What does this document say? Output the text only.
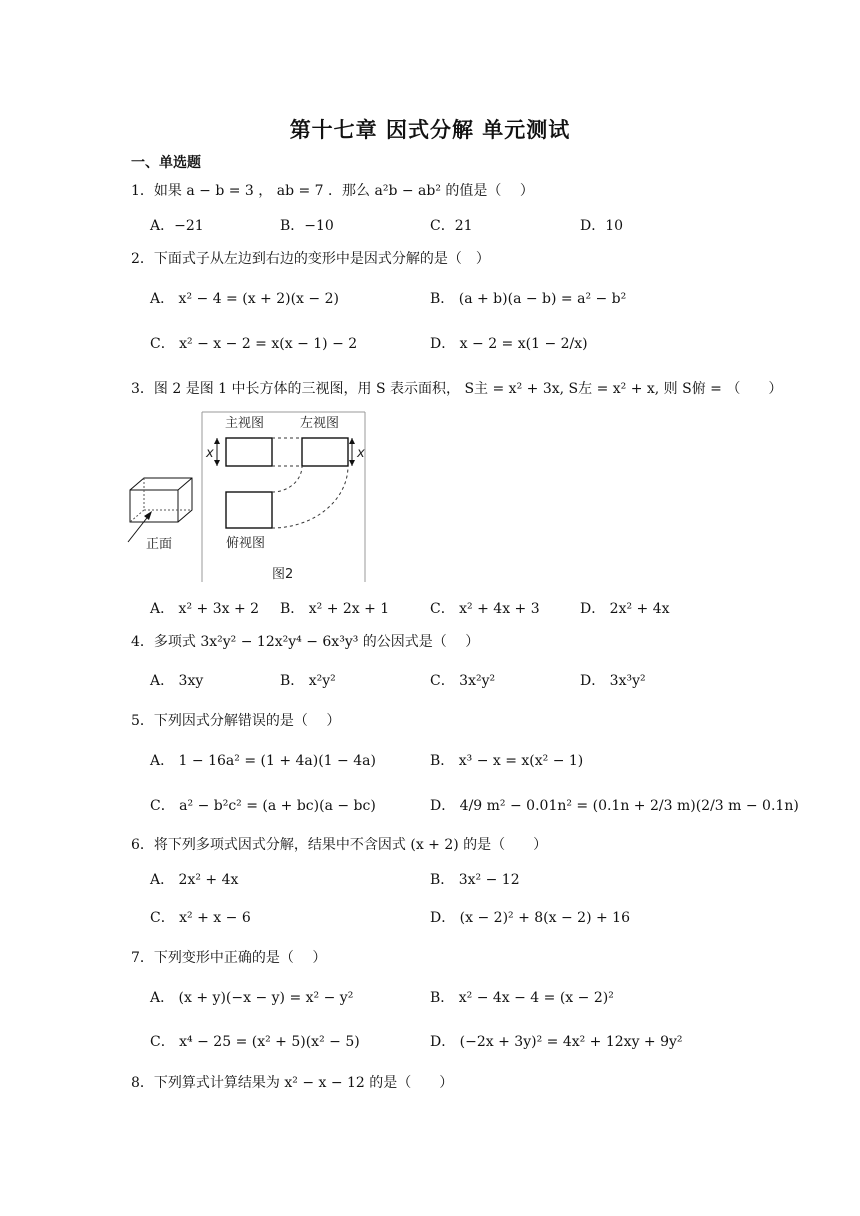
第十七章 因式分解 单元测试
一、单选题
1．如果 a − b = 3 ， ab = 7 ．那么 a²b − ab² 的值是（　 ）
A．−21	B．−10	C．21	D．10
2．下面式子从左边到右边的变形中是因式分解的是（　）
A． x² − 4 = (x + 2)(x − 2)	B． (a + b)(a − b) = a² − b²
C． x² − x − 2 = x(x − 1) − 2	D． x − 2 = x(1 − 2/x)
3．图 2 是图 1 中长方体的三视图，用 S 表示面积， S主 = x² + 3x, S左 = x² + x, 则 S俯 = （　　）
主视图	左视图
x	x
俯视图
图2
正面
A． x² + 3x + 2 B． x² + 2x + 1	C． x² + 4x + 3	D． 2x² + 4x
4．多项式 3x²y² − 12x²y⁴ − 6x³y³ 的公因式是（　 ）
A． 3xy	B． x²y²	C． 3x²y²	D． 3x³y²
5．下列因式分解错误的是（　 ）
A． 1 − 16a² = (1 + 4a)(1 − 4a)	B． x³ − x = x(x² − 1)
C． a² − b²c² = (a + bc)(a − bc)	D． 4/9 m² − 0.01n² = (0.1n + 2/3 m)(2/3 m − 0.1n)
6．将下列多项式因式分解，结果中不含因式 (x + 2) 的是（　　）
A． 2x² + 4x	B． 3x² − 12
C． x² + x − 6	D． (x − 2)² + 8(x − 2) + 16
7．下列变形中正确的是（　 ）
A． (x + y)(−x − y) = x² − y²	B． x² − 4x − 4 = (x − 2)²
C． x⁴ − 25 = (x² + 5)(x² − 5)	D． (−2x + 3y)² = 4x² + 12xy + 9y²
8．下列算式计算结果为 x² − x − 12 的是（　　）
